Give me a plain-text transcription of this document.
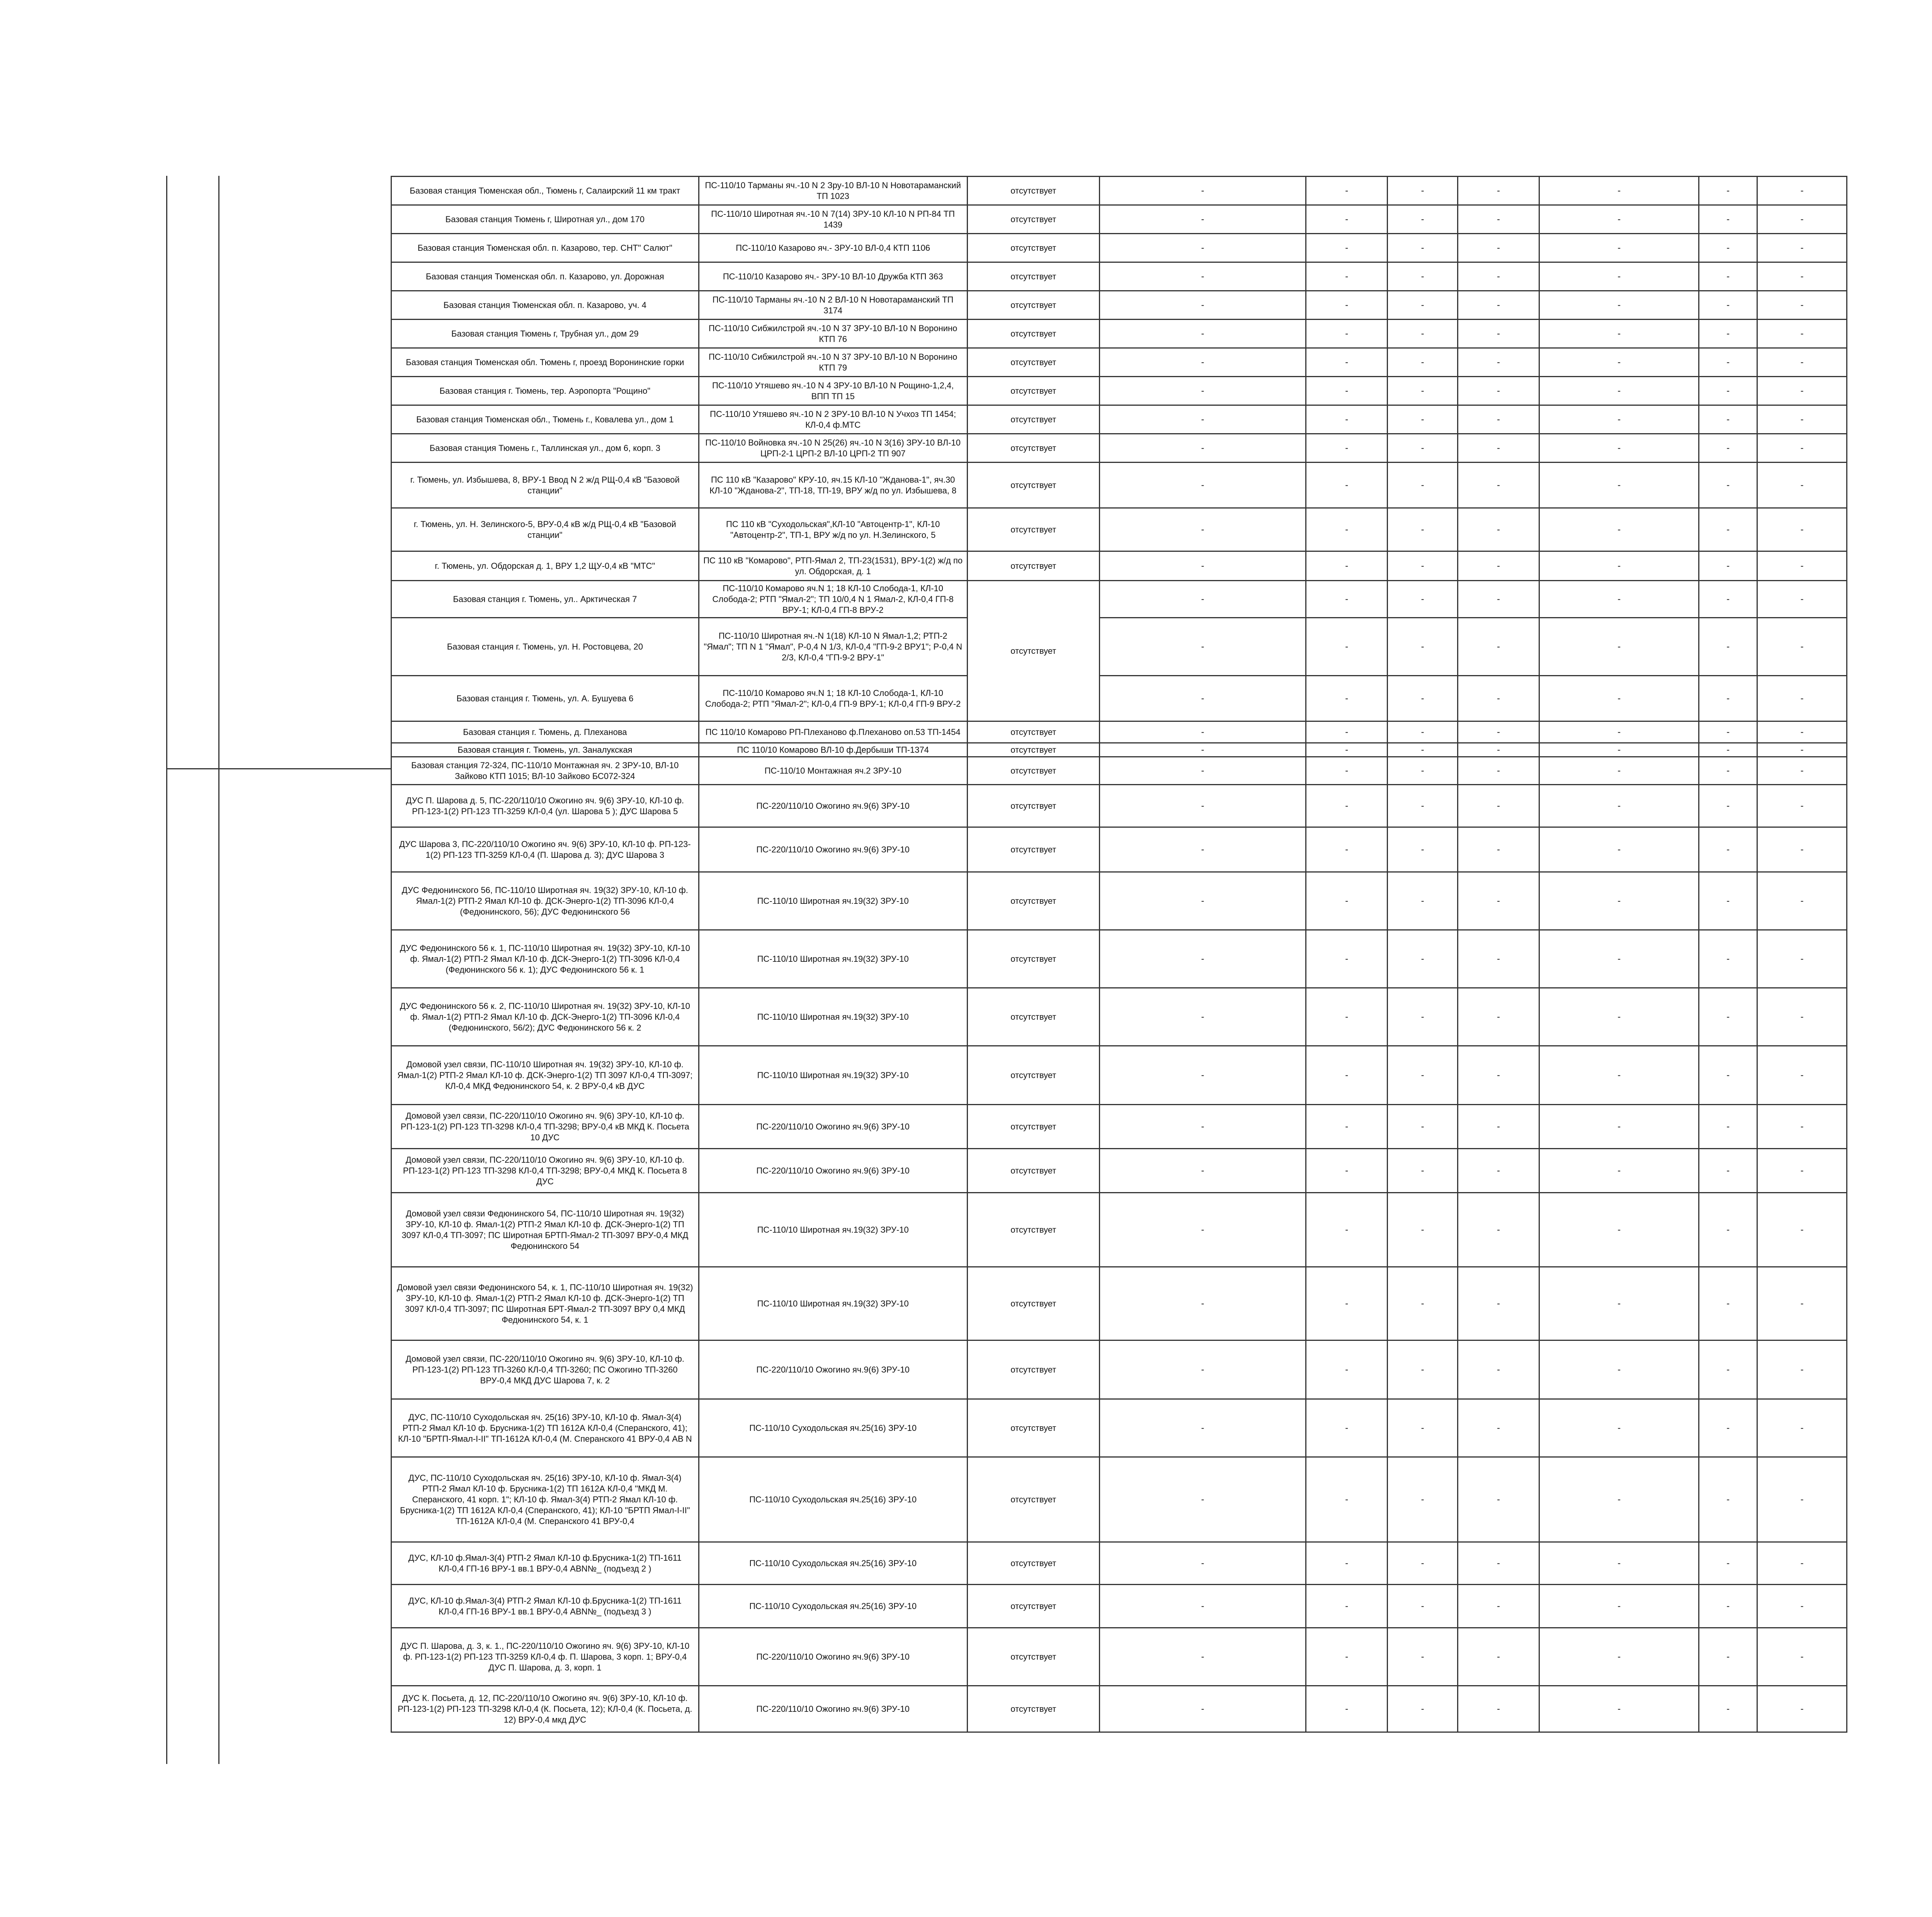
Базовая станция Тюменская обл., Тюмень г, Салаирский 11 км тракт	ПС-110/10 Тарманы яч.-10 N 2 Зру-10 ВЛ-10 N Новотараманский ТП 1023	отсутствует	-	-	-	-	-	-	-
Базовая станция Тюмень г, Широтная ул., дом 170	ПС-110/10 Широтная яч.-10 N 7(14) ЗРУ-10 КЛ-10 N РП-84 ТП 1439	отсутствует	-	-	-	-	-	-	-
Базовая станция Тюменская обл. п. Казарово, тер. СНТ" Салют"	ПС-110/10 Казарово яч.- ЗРУ-10 ВЛ-0,4 КТП 1106	отсутствует	-	-	-	-	-	-	-
Базовая станция Тюменская обл. п. Казарово, ул. Дорожная	ПС-110/10 Казарово яч.- ЗРУ-10 ВЛ-10 Дружба КТП 363	отсутствует	-	-	-	-	-	-	-
Базовая станция Тюменская обл. п. Казарово, уч. 4	ПС-110/10 Тарманы яч.-10 N 2 ВЛ-10 N Новотараманский ТП 3174	отсутствует	-	-	-	-	-	-	-
Базовая станция Тюмень г, Трубная ул., дом 29	ПС-110/10 Сибжилстрой яч.-10 N 37 ЗРУ-10 ВЛ-10 N Воронино КТП 76	отсутствует	-	-	-	-	-	-	-
Базовая станция Тюменская обл. Тюмень г, проезд Воронинские горки	ПС-110/10 Сибжилстрой яч.-10 N 37 ЗРУ-10 ВЛ-10 N Воронино КТП 79	отсутствует	-	-	-	-	-	-	-
Базовая станция г. Тюмень, тер. Аэропорта "Рощино"	ПС-110/10 Утяшево яч.-10 N 4 ЗРУ-10 ВЛ-10 N Рощино-1,2,4, ВПП ТП 15	отсутствует	-	-	-	-	-	-	-
Базовая станция Тюменская обл., Тюмень г., Ковалева ул., дом 1	ПС-110/10 Утяшево яч.-10 N 2 ЗРУ-10 ВЛ-10 N Учхоз ТП 1454; КЛ-0,4 ф.МТС	отсутствует	-	-	-	-	-	-	-
Базовая станция Тюмень г., Таллинская ул., дом 6, корп. 3	ПС-110/10 Войновка яч.-10 N 25(26) яч.-10 N 3(16) ЗРУ-10 ВЛ-10 ЦРП-2-1 ЦРП-2 ВЛ-10 ЦРП-2 ТП 907	отсутствует	-	-	-	-	-	-	-
г. Тюмень, ул. Избышева, 8, ВРУ-1 Ввод N 2 ж/д РЩ-0,4 кВ "Базовой станции"	ПС 110 кВ "Казарово" КРУ-10, яч.15 КЛ-10 "Жданова-1", яч.30 КЛ-10 "Жданова-2", ТП-18, ТП-19, ВРУ ж/д по ул. Избышева, 8	отсутствует	-	-	-	-	-	-	-
г. Тюмень, ул. Н. Зелинского-5, ВРУ-0,4 кВ ж/д РЩ-0,4 кВ "Базовой станции"	ПС 110 кВ "Суходольская",КЛ-10 "Автоцентр-1", КЛ-10 "Автоцентр-2", ТП-1, ВРУ ж/д по ул. Н.Зелинского, 5	отсутствует	-	-	-	-	-	-	-
г. Тюмень, ул. Обдорская д. 1, ВРУ 1,2 ЩУ-0,4 кВ "МТС"	ПС 110 кВ "Комарово", РТП-Ямал 2, ТП-23(1531), ВРУ-1(2) ж/д по ул. Обдорская, д. 1	отсутствует	-	-	-	-	-	-	-
Базовая станция г. Тюмень, ул.. Арктическая 7	ПС-110/10 Комарово яч.N 1; 18 КЛ-10 Слобода-1, КЛ-10 Слобода-2; РТП "Ямал-2"; ТП 10/0,4 N 1 Ямал-2, КЛ-0,4 ГП-8 ВРУ-1; КЛ-0,4 ГП-8 ВРУ-2	отсутствует	-	-	-	-	-	-	-
Базовая станция г. Тюмень, ул. Н. Ростовцева, 20	ПС-110/10 Широтная яч.-N 1(18) КЛ-10 N Ямал-1,2; РТП-2 "Ямал"; ТП N 1 "Ямал", Р-0,4 N 1/3, КЛ-0,4 "ГП-9-2 ВРУ1"; Р-0,4 N 2/3, КЛ-0,4 "ГП-9-2 ВРУ-1"		-	-	-	-	-	-	-
Базовая станция г. Тюмень, ул. А. Бушуева 6	ПС-110/10 Комарово яч.N 1; 18 КЛ-10 Слобода-1, КЛ-10 Слобода-2; РТП "Ямал-2"; КЛ-0,4 ГП-9 ВРУ-1; КЛ-0,4 ГП-9 ВРУ-2		-	-	-	-	-	-	-
Базовая станция г. Тюмень, д. Плеханова	ПС 110/10 Комарово РП-Плеханово ф.Плеханово оп.53 ТП-1454	отсутствует	-	-	-	-	-	-	-
Базовая станция г. Тюмень, ул. Заналукская	ПС 110/10 Комарово ВЛ-10 ф.Дербыши ТП-1374	отсутствует	-	-	-	-	-	-	-
Базовая станция 72-324, ПС-110/10 Монтажная яч. 2 ЗРУ-10, ВЛ-10 Зайково КТП 1015; ВЛ-10 Зайково БС072-324	ПС-110/10 Монтажная яч.2 ЗРУ-10	отсутствует	-	-	-	-	-	-	-
ДУС П. Шарова д. 5, ПС-220/110/10 Ожогино яч. 9(6) ЗРУ-10, КЛ-10 ф. РП-123-1(2) РП-123 ТП-3259 КЛ-0,4 (ул. Шарова 5 ); ДУС Шарова 5	ПС-220/110/10 Ожогино яч.9(6) ЗРУ-10	отсутствует	-	-	-	-	-	-	-
ДУС Шарова 3, ПС-220/110/10 Ожогино яч. 9(6) ЗРУ-10, КЛ-10 ф. РП-123-1(2) РП-123 ТП-3259 КЛ-0,4 (П. Шарова д. 3); ДУС Шарова 3	ПС-220/110/10 Ожогино яч.9(6) ЗРУ-10	отсутствует	-	-	-	-	-	-	-
ДУС Федюнинского 56, ПС-110/10 Широтная яч. 19(32) ЗРУ-10, КЛ-10 ф. Ямал-1(2) РТП-2 Ямал КЛ-10 ф. ДСК-Энерго-1(2) ТП-3096 КЛ-0,4 (Федюнинского, 56); ДУС Федюнинского 56	ПС-110/10 Широтная яч.19(32) ЗРУ-10	отсутствует	-	-	-	-	-	-	-
ДУС Федюнинского 56 к. 1, ПС-110/10 Широтная яч. 19(32) ЗРУ-10, КЛ-10 ф. Ямал-1(2) РТП-2 Ямал КЛ-10 ф. ДСК-Энерго-1(2) ТП-3096 КЛ-0,4 (Федюнинского 56 к. 1); ДУС Федюнинского 56 к. 1	ПС-110/10 Широтная яч.19(32) ЗРУ-10	отсутствует	-	-	-	-	-	-	-
ДУС Федюнинского 56 к. 2, ПС-110/10 Широтная яч. 19(32) ЗРУ-10, КЛ-10 ф. Ямал-1(2) РТП-2 Ямал КЛ-10 ф. ДСК-Энерго-1(2) ТП-3096 КЛ-0,4 (Федюнинского, 56/2); ДУС Федюнинского 56 к. 2	ПС-110/10 Широтная яч.19(32) ЗРУ-10	отсутствует	-	-	-	-	-	-	-
Домовой узел связи, ПС-110/10 Широтная яч. 19(32) ЗРУ-10, КЛ-10 ф. Ямал-1(2) РТП-2 Ямал КЛ-10 ф. ДСК-Энерго-1(2) ТП 3097 КЛ-0,4 ТП-3097; КЛ-0,4 МКД Федюнинского 54, к. 2 ВРУ-0,4 кВ ДУС	ПС-110/10 Широтная яч.19(32) ЗРУ-10	отсутствует	-	-	-	-	-	-	-
Домовой узел связи, ПС-220/110/10 Ожогино яч. 9(6) ЗРУ-10, КЛ-10 ф. РП-123-1(2) РП-123 ТП-3298 КЛ-0,4 ТП-3298; ВРУ-0,4 кВ МКД К. Посьета 10 ДУС	ПС-220/110/10 Ожогино яч.9(6) ЗРУ-10	отсутствует	-	-	-	-	-	-	-
Домовой узел связи, ПС-220/110/10 Ожогино яч. 9(6) ЗРУ-10, КЛ-10 ф. РП-123-1(2) РП-123 ТП-3298 КЛ-0,4 ТП-3298; ВРУ-0,4 МКД К. Посьета 8 ДУС	ПС-220/110/10 Ожогино яч.9(6) ЗРУ-10	отсутствует	-	-	-	-	-	-	-
Домовой узел связи Федюнинского 54, ПС-110/10 Широтная яч. 19(32) ЗРУ-10, КЛ-10 ф. Ямал-1(2) РТП-2 Ямал КЛ-10 ф. ДСК-Энерго-1(2) ТП 3097 КЛ-0,4 ТП-3097; ПС Широтная БРТП-Ямал-2 ТП-3097 ВРУ-0,4 МКД Федюнинского 54	ПС-110/10 Широтная яч.19(32) ЗРУ-10	отсутствует	-	-	-	-	-	-	-
Домовой узел связи Федюнинского 54, к. 1, ПС-110/10 Широтная яч. 19(32) ЗРУ-10, КЛ-10 ф. Ямал-1(2) РТП-2 Ямал КЛ-10 ф. ДСК-Энерго-1(2) ТП 3097 КЛ-0,4 ТП-3097; ПС Широтная БРТ-Ямал-2 ТП-3097 ВРУ 0,4 МКД Федюнинского 54, к. 1	ПС-110/10 Широтная яч.19(32) ЗРУ-10	отсутствует	-	-	-	-	-	-	-
Домовой узел связи, ПС-220/110/10 Ожогино яч. 9(6) ЗРУ-10, КЛ-10 ф. РП-123-1(2) РП-123 ТП-3260 КЛ-0,4 ТП-3260; ПС Ожогино ТП-3260 ВРУ-0,4 МКД ДУС Шарова 7, к. 2	ПС-220/110/10 Ожогино яч.9(6) ЗРУ-10	отсутствует	-	-	-	-	-	-	-
ДУС, ПС-110/10 Суходольская яч. 25(16) ЗРУ-10, КЛ-10 ф. Ямал-3(4) РТП-2 Ямал КЛ-10 ф. Брусника-1(2) ТП 1612А КЛ-0,4 (Сперанского, 41); КЛ-10 "БРТП-Ямал-I-II" ТП-1612А КЛ-0,4 (М. Сперанского 41 ВРУ-0,4 АВ N	ПС-110/10 Суходольская яч.25(16) ЗРУ-10	отсутствует	-	-	-	-	-	-	-
ДУС, ПС-110/10 Суходольская яч. 25(16) ЗРУ-10, КЛ-10 ф. Ямал-3(4) РТП-2 Ямал КЛ-10 ф. Брусника-1(2) ТП 1612А КЛ-0,4 "МКД М. Сперанского, 41 корп. 1"; КЛ-10 ф. Ямал-3(4) РТП-2 Ямал КЛ-10 ф. Брусника-1(2) ТП 1612А КЛ-0,4 (Сперанского, 41); КЛ-10 "БРТП Ямал-I-II" ТП-1612А КЛ-0,4 (М. Сперанского 41 ВРУ-0,4	ПС-110/10 Суходольская яч.25(16) ЗРУ-10	отсутствует	-	-	-	-	-	-	-
ДУС, КЛ-10 ф.Ямал-3(4) РТП-2 Ямал КЛ-10 ф.Брусника-1(2) ТП-1611 КЛ-0,4 ГП-16 ВРУ-1 вв.1 ВРУ-0,4 АВN№_ (подъезд 2 )	ПС-110/10 Суходольская яч.25(16) ЗРУ-10	отсутствует	-	-	-	-	-	-	-
ДУС, КЛ-10 ф.Ямал-3(4) РТП-2 Ямал КЛ-10 ф.Брусника-1(2) ТП-1611 КЛ-0,4 ГП-16 ВРУ-1 вв.1 ВРУ-0,4 АВN№_ (подъезд 3 )	ПС-110/10 Суходольская яч.25(16) ЗРУ-10	отсутствует	-	-	-	-	-	-	-
ДУС П. Шарова, д. 3, к. 1., ПС-220/110/10 Ожогино яч. 9(6) ЗРУ-10, КЛ-10 ф. РП-123-1(2) РП-123 ТП-3259 КЛ-0,4 ф. П. Шарова, 3 корп. 1; ВРУ-0,4 ДУС П. Шарова, д. 3, корп. 1	ПС-220/110/10 Ожогино яч.9(6) ЗРУ-10	отсутствует	-	-	-	-	-	-	-
ДУС К. Посьета, д. 12, ПС-220/110/10 Ожогино яч. 9(6) ЗРУ-10, КЛ-10 ф. РП-123-1(2) РП-123 ТП-3298 КЛ-0,4 (К. Посьета, 12); КЛ-0,4 (К. Посьета, д. 12) ВРУ-0,4 мкд ДУС	ПС-220/110/10 Ожогино яч.9(6) ЗРУ-10	отсутствует	-	-	-	-	-	-	-
